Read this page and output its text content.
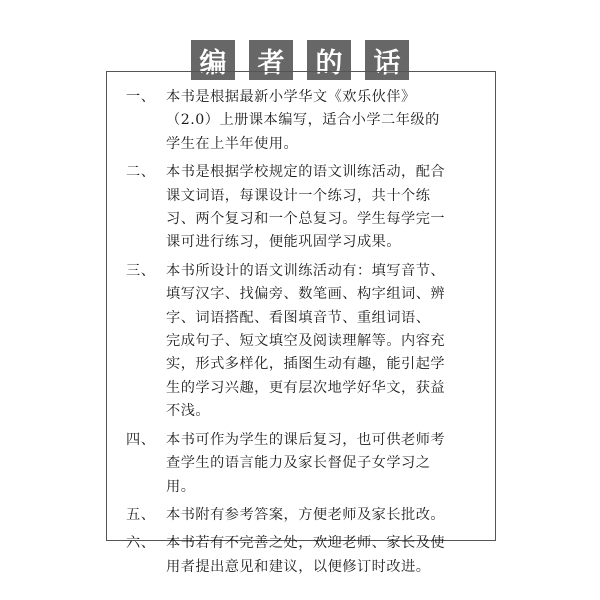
编	者	的	话
一、 本书是根据最新小学华文《欢乐伙伴》
（2.0）上册课本编写，适合小学二年级的
学生在上半年使用。
二、 本书是根据学校规定的语文训练活动，配合
课文词语，每课设计一个练习，共十个练
习、两个复习和一个总复习。学生每学完一
课可进行练习，便能巩固学习成果。
三、 本书所设计的语文训练活动有：填写音节、
填写汉字、找偏旁、数笔画、构字组词、辨
字、词语搭配、看图填音节、重组词语、
完成句子、短文填空及阅读理解等。内容充
实，形式多样化，插图生动有趣，能引起学
生的学习兴趣，更有层次地学好华文，获益
不浅。
四、 本书可作为学生的课后复习，也可供老师考
查学生的语言能力及家长督促子女学习之
用。
五、 本书附有参考答案，方便老师及家长批改。
六、 本书若有不完善之处，欢迎老师、家长及使
用者提出意见和建议，以便修订时改进。
